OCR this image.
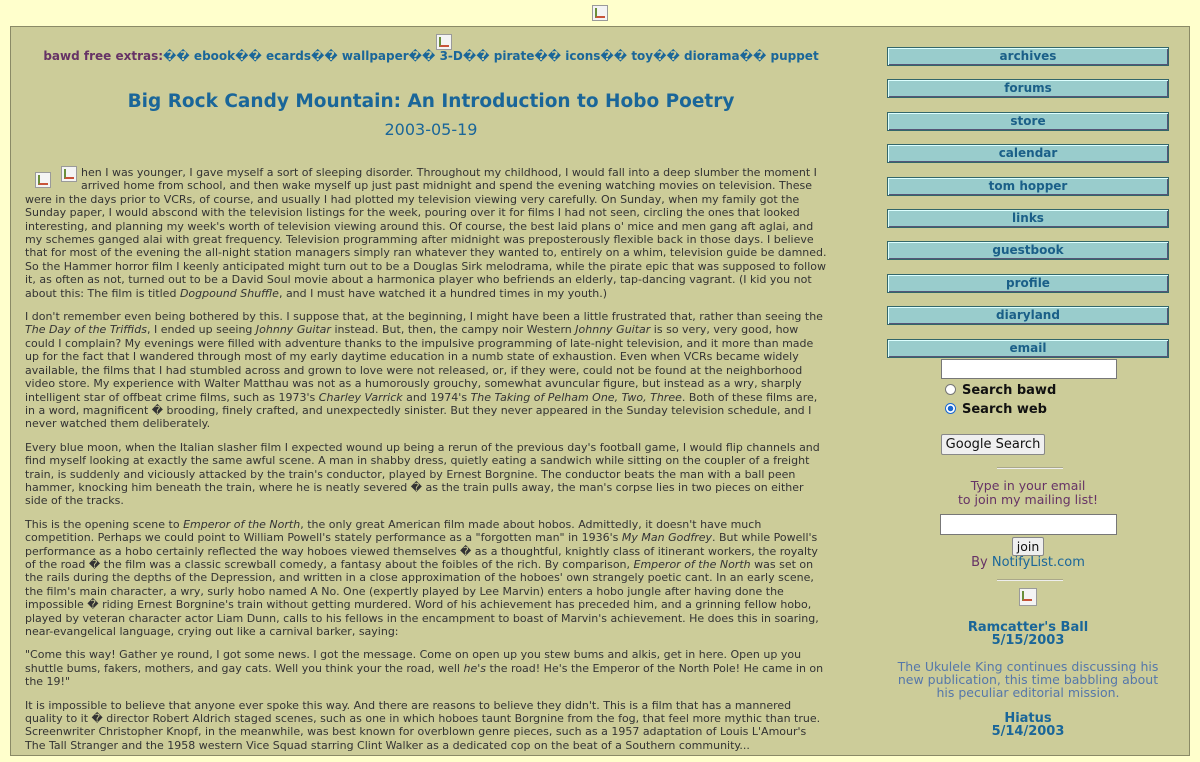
bawd free extras:�� ebook�� ecards�� wallpaper�� 3-D�� pirate�� icons�� toy�� diorama�� puppet
Big Rock Candy Mountain: An Introduction to Hobo Poetry
2003-05-19

hen I was younger, I gave myself a sort of sleeping disorder. Throughout my childhood, I would fall into a deep slumber the moment I arrived home from school, and then wake myself up just past midnight and spend the evening watching movies on television. These were in the days prior to VCRs, of course, and usually I had plotted my television viewing very carefully. On Sunday, when my family got the Sunday paper, I would abscond with the television listings for the week, pouring over it for films I had not seen, circling the ones that looked interesting, and planning my week's worth of television viewing around this. Of course, the best laid plans o' mice and men gang aft aglai, and my schemes ganged alai with great frequency. Television programming after midnight was preposterously flexible back in those days. I believe that for most of the evening the all-night station managers simply ran whatever they wanted to, entirely on a whim, television guide be damned. So the Hammer horror film I keenly anticipated might turn out to be a Douglas Sirk melodrama, while the pirate epic that was supposed to follow it, as often as not, turned out to be a David Soul movie about a harmonica player who befriends an elderly, tap-dancing vagrant. (I kid you not about this: The film is titled Dogpound Shuffle, and I must have watched it a hundred times in my youth.)

I don't remember even being bothered by this. I suppose that, at the beginning, I might have been a little frustrated that, rather than seeing the The Day of the Triffids, I ended up seeing Johnny Guitar instead. But, then, the campy noir Western Johnny Guitar is so very, very good, how could I complain? My evenings were filled with adventure thanks to the impulsive programming of late-night television, and it more than made up for the fact that I wandered through most of my early daytime education in a numb state of exhaustion. Even when VCRs became widely available, the films that I had stumbled across and grown to love were not released, or, if they were, could not be found at the neighborhood video store. My experience with Walter Matthau was not as a humorously grouchy, somewhat avuncular figure, but instead as a wry, sharply intelligent star of offbeat crime films, such as 1973's Charley Varrick and 1974's The Taking of Pelham One, Two, Three. Both of these films are, in a word, magnificent � brooding, finely crafted, and unexpectedly sinister. But they never appeared in the Sunday television schedule, and I never watched them deliberately.

Every blue moon, when the Italian slasher film I expected wound up being a rerun of the previous day's football game, I would flip channels and find myself looking at exactly the same awful scene. A man in shabby dress, quietly eating a sandwich while sitting on the coupler of a freight train, is suddenly and viciously attacked by the train's conductor, played by Ernest Borgnine. The conductor beats the man with a ball peen hammer, knocking him beneath the train, where he is neatly severed � as the train pulls away, the man's corpse lies in two pieces on either side of the tracks.

This is the opening scene to Emperor of the North, the only great American film made about hobos. Admittedly, it doesn't have much competition. Perhaps we could point to William Powell's stately performance as a "forgotten man" in 1936's My Man Godfrey. But while Powell's performance as a hobo certainly reflected the way hoboes viewed themselves � as a thoughtful, knightly class of itinerant workers, the royalty of the road � the film was a classic screwball comedy, a fantasy about the foibles of the rich. By comparison, Emperor of the North was set on the rails during the depths of the Depression, and written in a close approximation of the hoboes' own strangely poetic cant. In an early scene, the film's main character, a wry, surly hobo named A No. One (expertly played by Lee Marvin) enters a hobo jungle after having done the impossible � riding Ernest Borgnine's train without getting murdered. Word of his achievement has preceded him, and a grinning fellow hobo, played by veteran character actor Liam Dunn, calls to his fellows in the encampment to boast of Marvin's achievement. He does this in soaring, near-evangelical language, crying out like a carnival barker, saying:

"Come this way! Gather ye round, I got some news. I got the message. Come on open up you stew bums and alkis, get in here. Open up you shuttle bums, fakers, mothers, and gay cats. Well you think your the road, well he's the road! He's the Emperor of the North Pole! He came in on the 19!"

It is impossible to believe that anyone ever spoke this way. And there are reasons to believe they didn't. This is a film that has a mannered quality to it � director Robert Aldrich staged scenes, such as one in which hoboes taunt Borgnine from the fog, that feel more mythic than true. Screenwriter Christopher Knopf, in the meanwhile, was best known for overblown genre pieces, such as a 1957 adaptation of Louis L'Amour's The Tall Stranger and the 1958 western Vice Squad starring Clint Walker as a dedicated cop on the beat of a Southern community...

archives
forums
store
calendar
tom hopper
links
guestbook
profile
diaryland
email
Search bawd
Search web
Google Search
Type in your email
to join my mailing list!
join
By NotifyList.com
Ramcatter's Ball
5/15/2003
The Ukulele King continues discussing his new publication, this time babbling about his peculiar editorial mission.
Hiatus
5/14/2003
